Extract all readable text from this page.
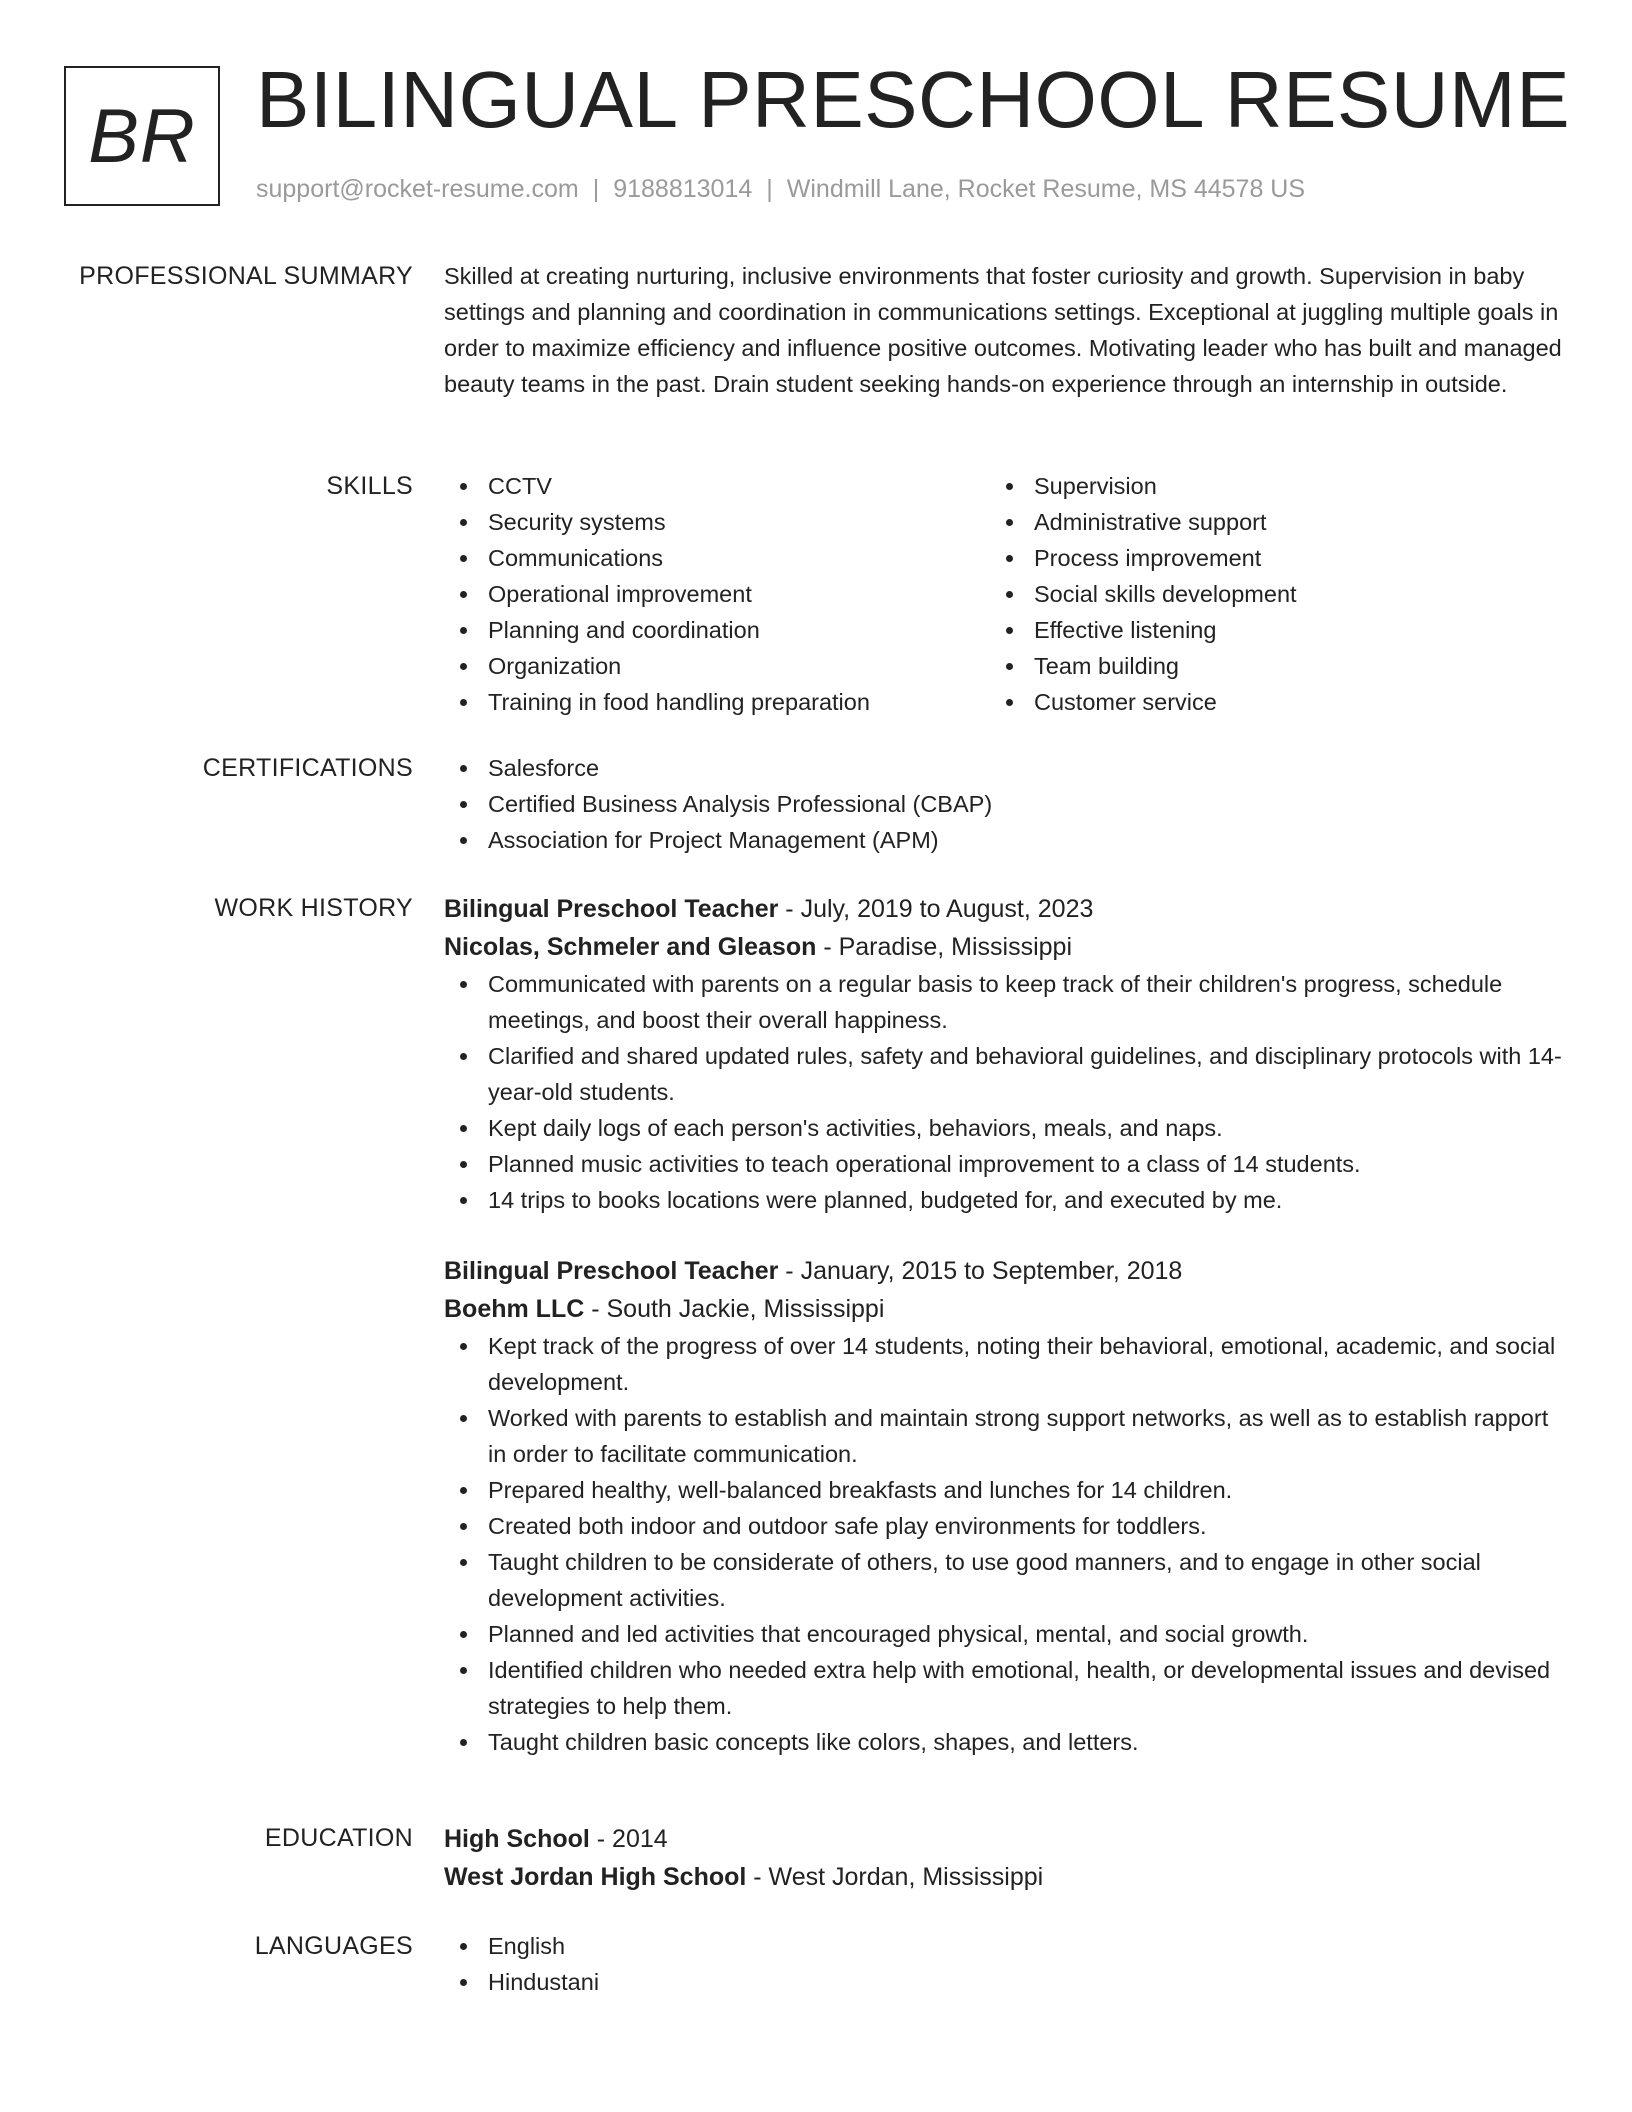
BR BILINGUAL PRESCHOOL RESUME
support@rocket-resume.com | 9188813014 | Windmill Lane, Rocket Resume, MS 44578 US
PROFESSIONAL SUMMARY Skilled at creating nurturing, inclusive environments that foster curiosity and growth. Supervision in baby settings and planning and coordination in communications settings. Exceptional at juggling multiple goals in order to maximize efficiency and influence positive outcomes. Motivating leader who has built and managed beauty teams in the past. Drain student seeking hands-on experience through an internship in outside.

SKILLS	CCTV
Security systems
Communications
Operational improvement
Planning and coordination
Organization
Training in food handling preparation
Supervision
Administrative support
Process improvement
Social skills development
Effective listening
Team building
Customer service
CERTIFICATIONS	Salesforce
Certified Business Analysis Professional (CBAP)
Association for Project Management (APM)
WORK HISTORY Bilingual Preschool Teacher - July, 2019 to August, 2023
Nicolas, Schmeler and Gleason - Paradise, Mississippi
Communicated with parents on a regular basis to keep track of their children's progress, schedule meetings, and boost their overall happiness.
Clarified and shared updated rules, safety and behavioral guidelines, and disciplinary protocols with 14-year-old students.
Kept daily logs of each person's activities, behaviors, meals, and naps.
Planned music activities to teach operational improvement to a class of 14 students.
14 trips to books locations were planned, budgeted for, and executed by me.
Bilingual Preschool Teacher - January, 2015 to September, 2018
Boehm LLC - South Jackie, Mississippi
Kept track of the progress of over 14 students, noting their behavioral, emotional, academic, and social development.
Worked with parents to establish and maintain strong support networks, as well as to establish rapport in order to facilitate communication.
Prepared healthy, well-balanced breakfasts and lunches for 14 children.
Created both indoor and outdoor safe play environments for toddlers.
Taught children to be considerate of others, to use good manners, and to engage in other social development activities.
Planned and led activities that encouraged physical, mental, and social growth.
Identified children who needed extra help with emotional, health, or developmental issues and devised strategies to help them.
Taught children basic concepts like colors, shapes, and letters.
EDUCATION High School - 2014
West Jordan High School - West Jordan, Mississippi
LANGUAGES	English
Hindustani
